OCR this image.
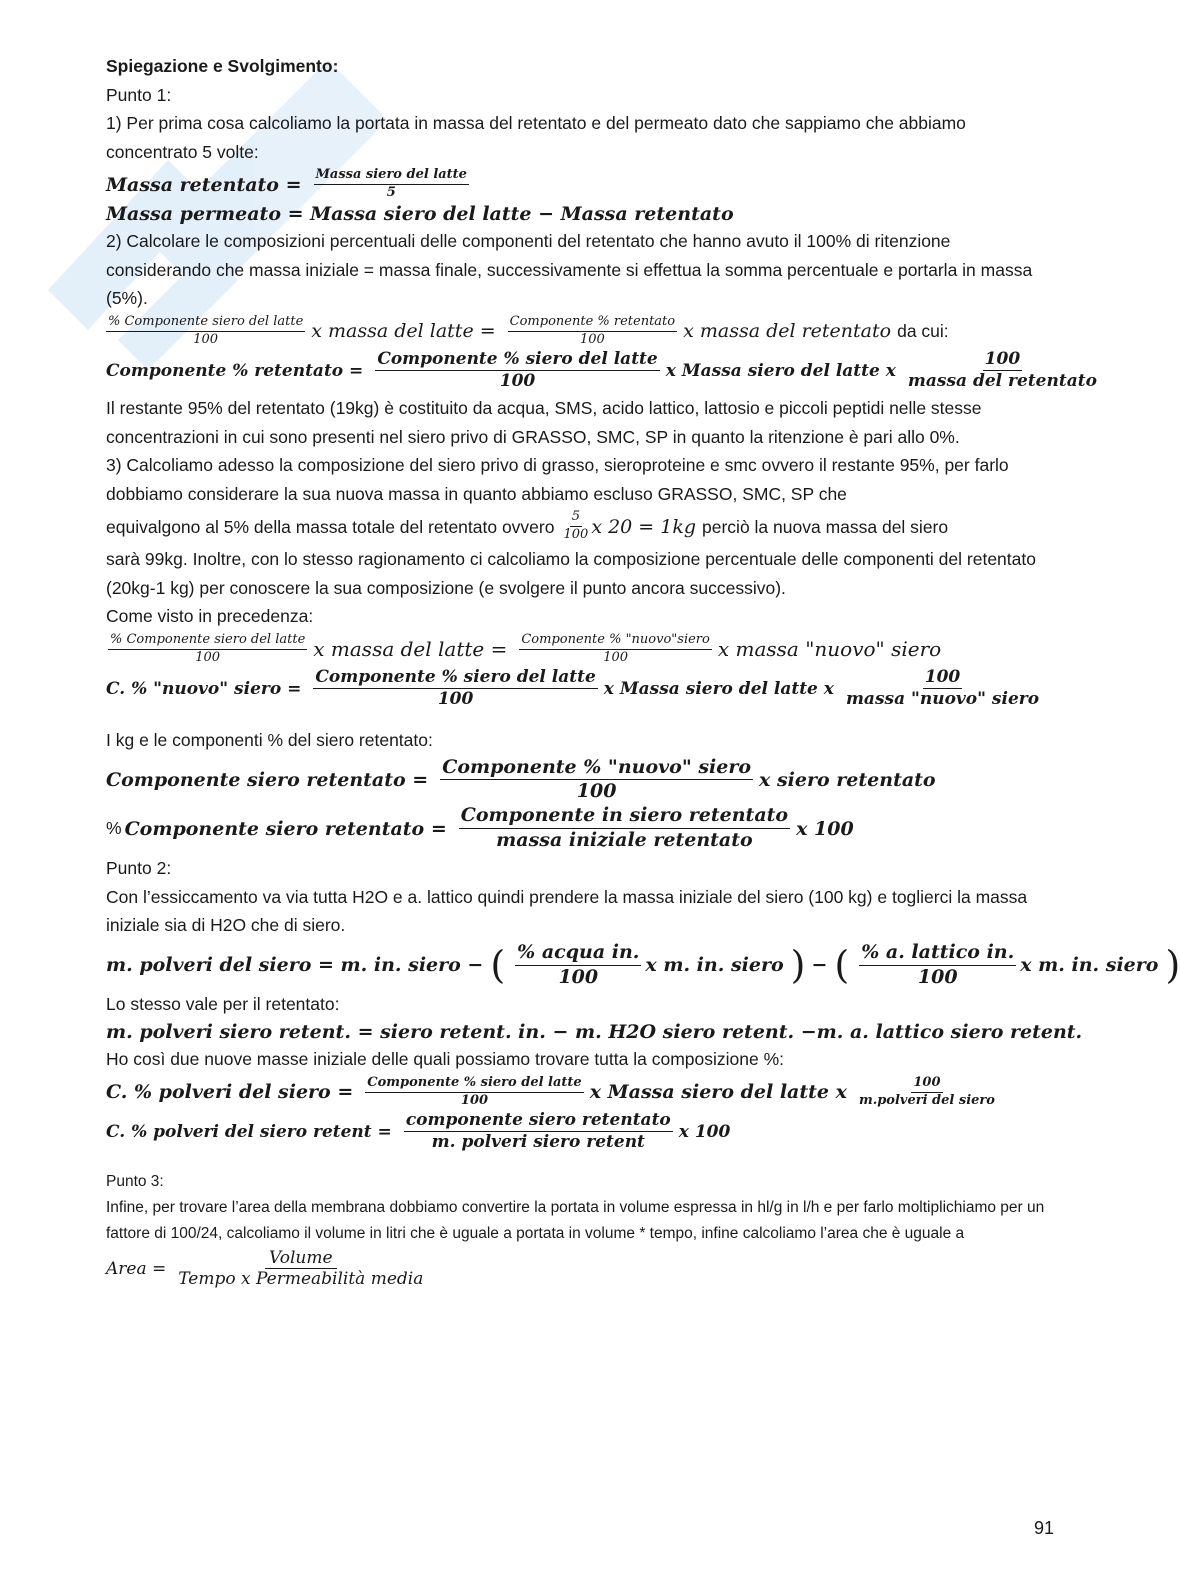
Spiegazione e Svolgimento:

Punto 1:

1) Per prima cosa calcoliamo la portata in massa del retentato e del permeato dato che sappiamo che abbiamo concentrato 5 volte:

Massa retentato = $\frac{\text{Massa siero del latte}}{5}$
Massa permeato = Massa siero del latte − Massa retentato

2) Calcolare le composizioni percentuali delle componenti del retentato che hanno avuto il 100% di ritenzione considerando che massa iniziale = massa finale, successivamente si effettua la somma percentuale e portarla in massa (5%).

$\frac{\text{\% Componente siero del latte}}{100}$ x massa del latte = $\frac{\text{Componente \% retentato}}{100}$ x massa del retentato da cui:
Componente % retentato = $\frac{\text{Componente \% siero del latte}}{100}$ x Massa siero del latte x $\frac{100}{\text{massa del retentato}}$

Il restante 95% del retentato (19kg) è costituito da acqua, SMS, acido lattico, lattosio e piccoli peptidi nelle stesse concentrazioni in cui sono presenti nel siero privo di GRASSO, SMC, SP in quanto la ritenzione è pari allo 0%.

3) Calcoliamo adesso la composizione del siero privo di grasso, sieroproteine e smc ovvero il restante 95%, per farlo dobbiamo considerare la sua nuova massa in quanto abbiamo escluso GRASSO, SMC, SP che

equivalgono al 5% della massa totale del retentato ovvero $\frac{5}{100}$ x 20 = 1kg perciò la nuova massa del siero

sarà 99kg. Inoltre, con lo stesso ragionamento ci calcoliamo la composizione percentuale delle componenti del retentato (20kg-1 kg) per conoscere la sua composizione (e svolgere il punto ancora successivo).

Come visto in precedenza:

$\frac{\text{\% Componente siero del latte}}{100}$ x massa del latte = $\frac{\text{Componente \% "nuovo"siero}}{100}$ x massa "nuovo" siero
C. % "nuovo" siero = $\frac{\text{Componente \% siero del latte}}{100}$ x Massa siero del latte x $\frac{100}{\text{massa "nuovo" siero}}$

I kg e le componenti % del siero retentato:

Componente siero retentato = $\frac{\text{Componente \% "nuovo" siero}}{100}$ x siero retentato
% Componente siero retentato = $\frac{\text{Componente in siero retentato}}{\text{massa iniziale retentato}}$ x 100

Punto 2:

Con l’essiccamento va via tutta H2O e a. lattico quindi prendere la massa iniziale del siero (100 kg) e toglierci la massa iniziale sia di H2O che di siero.

m. polveri del siero = m. in. siero − ( $\frac{\text{\% acqua in.}}{100}$ x m. in. siero ) − ( $\frac{\text{\% a. lattico in.}}{100}$ x m. in. siero )

Lo stesso vale per il retentato:

m. polveri siero retent. = siero retent. in. − m. H2O siero retent. −m. a. lattico siero retent.

Ho così due nuove masse iniziale delle quali possiamo trovare tutta la composizione %:

C. % polveri del siero = $\frac{\text{Componente \% siero del latte}}{100}$ x Massa siero del latte x $\frac{100}{\text{m.polveri del siero}}$
C. % polveri del siero retent = $\frac{\text{componente siero retentato}}{\text{m. polveri siero retent}}$ x 100

Punto 3:

Infine, per trovare l’area della membrana dobbiamo convertire la portata in volume espressa in hl/g in l/h e per farlo moltiplichiamo per un fattore di 100/24, calcoliamo il volume in litri che è uguale a portata in volume * tempo, infine calcoliamo l’area che è uguale a

Area = $\frac{\text{Volume}}{\text{Tempo x Permeabilità media}}$
91
